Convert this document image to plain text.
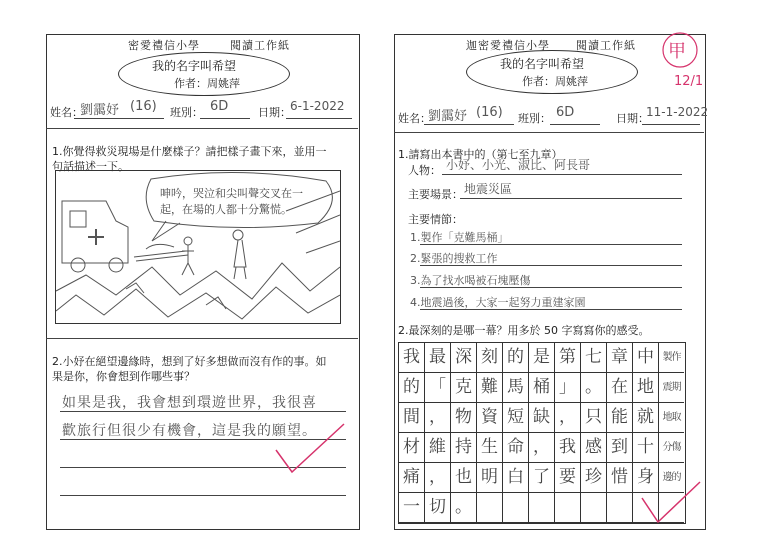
密愛禮信小學	閱讀工作紙
我的名字叫希望
作者：周姚萍
姓名：
劉靄妤 (16) 班別： 6D	日期： 6-1-2022
1.你覺得救災現場是什麼樣子？請把樣子畫下來，並用一
句話描述一下。
呻吟，哭泣和尖叫聲交叉在一
起，在場的人都十分驚慌。
2.小妤在絕望邊緣時，想到了好多想做而沒有作的事。如
果是你，你會想到作哪些事？
如果是我，我會想到環遊世界，我很喜
歡旅行但很少有機會，這是我的願望。
迦密愛禮信小學 閱讀工作紙
我的名字叫希望
作者：周姚萍
甲
12/1
姓名：
劉靄妤 (16) 班別： 6D	日期：
11-1-2022
1.請寫出本書中的（第七至九章）
人物： 小妤、小光、淑比、阿長哥
主要場景： 地震災區
主要情節：
1.製作「克難馬桶」
2.緊張的搜救工作
3.為了找水喝被石塊壓傷
4.地震過後，大家一起努力重建家園
2.最深刻的是哪一幕？用多於 50 字寫寫你的感受。
我 最 深 刻 的 是 第 七 章 中 製作
的 「 克 難 馬 桶 」 。 在 地 震期
間 ， 物 資 短 缺 ， 只 能 就 地取
材 維 持 生 命 ， 我 感 到 十 分傷
痛 ， 也 明 白 了 要 珍 惜 身 邊的
一 切 。
